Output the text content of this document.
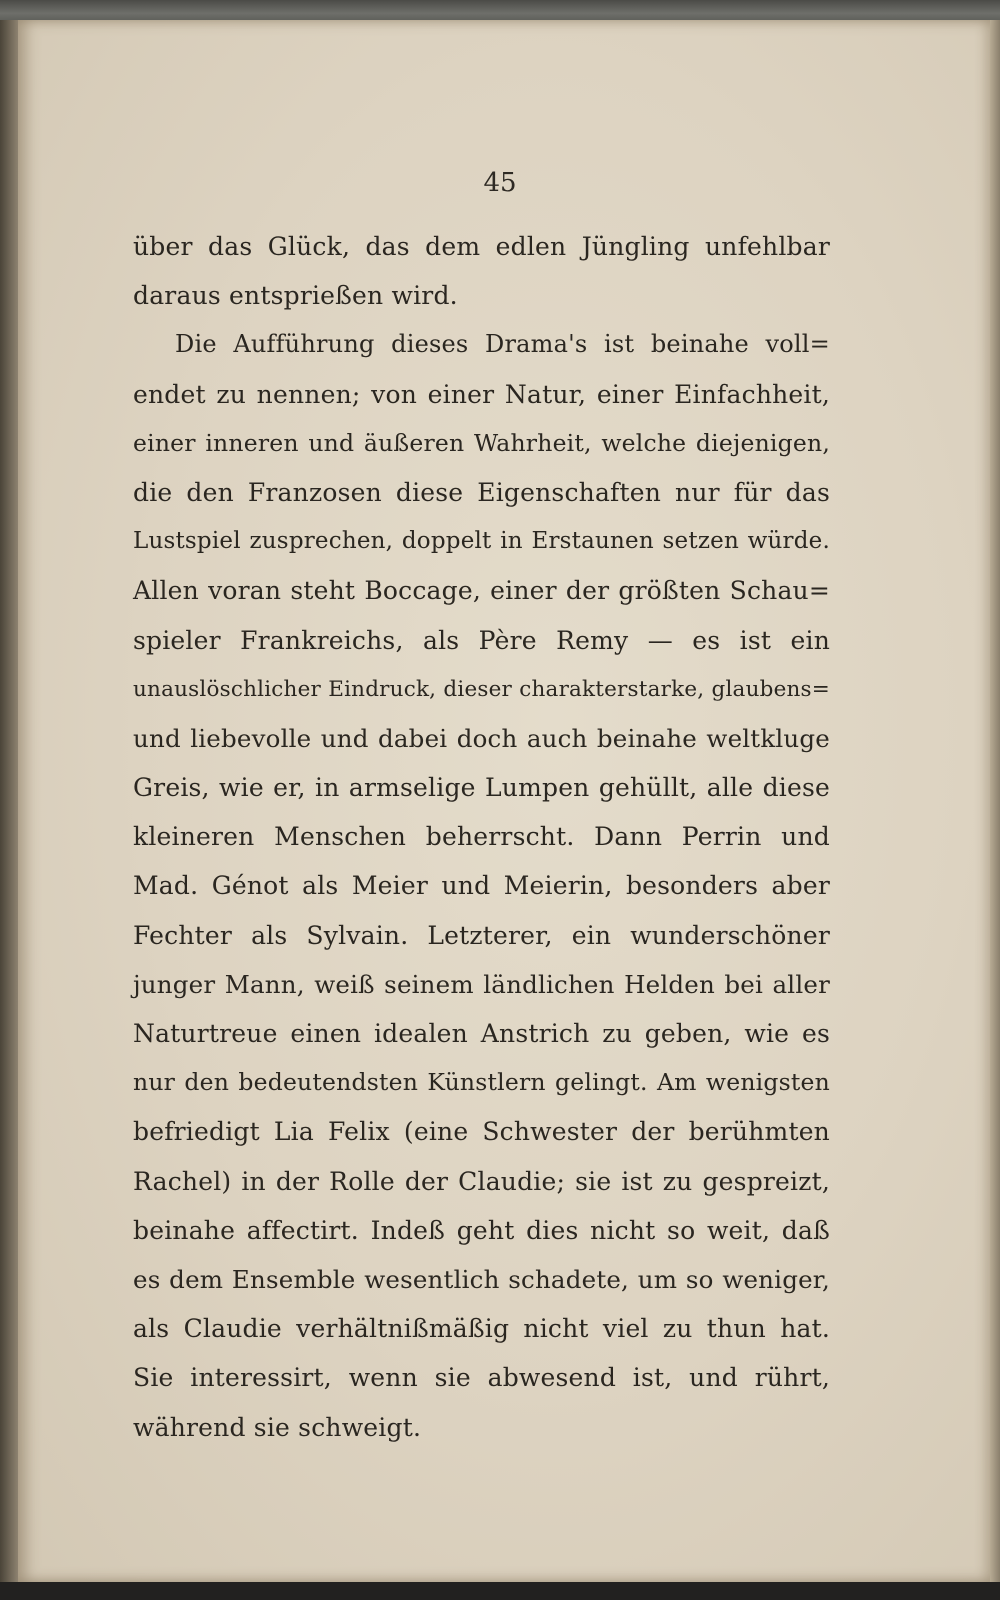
45
über das Glück, das dem edlen Jüngling unfehlbar
daraus entsprießen wird.
Die Aufführung dieses Drama's ist beinahe voll=
endet zu nennen; von einer Natur, einer Einfachheit,
einer inneren und äußeren Wahrheit, welche diejenigen,
die den Franzosen diese Eigenschaften nur für das
Lustspiel zusprechen, doppelt in Erstaunen setzen würde.
Allen voran steht Boccage, einer der größten Schau=
spieler Frankreichs, als Père Remy — es ist ein
unauslöschlicher Eindruck, dieser charakterstarke, glaubens=
und liebevolle und dabei doch auch beinahe weltkluge
Greis, wie er, in armselige Lumpen gehüllt, alle diese
kleineren Menschen beherrscht. Dann Perrin und
Mad. Génot als Meier und Meierin, besonders aber
Fechter als Sylvain. Letzterer, ein wunderschöner
junger Mann, weiß seinem ländlichen Helden bei aller
Naturtreue einen idealen Anstrich zu geben, wie es
nur den bedeutendsten Künstlern gelingt. Am wenigsten
befriedigt Lia Felix (eine Schwester der berühmten
Rachel) in der Rolle der Claudie; sie ist zu gespreizt,
beinahe affectirt. Indeß geht dies nicht so weit, daß
es dem Ensemble wesentlich schadete, um so weniger,
als Claudie verhältnißmäßig nicht viel zu thun hat.
Sie interessirt, wenn sie abwesend ist, und rührt,
während sie schweigt.
